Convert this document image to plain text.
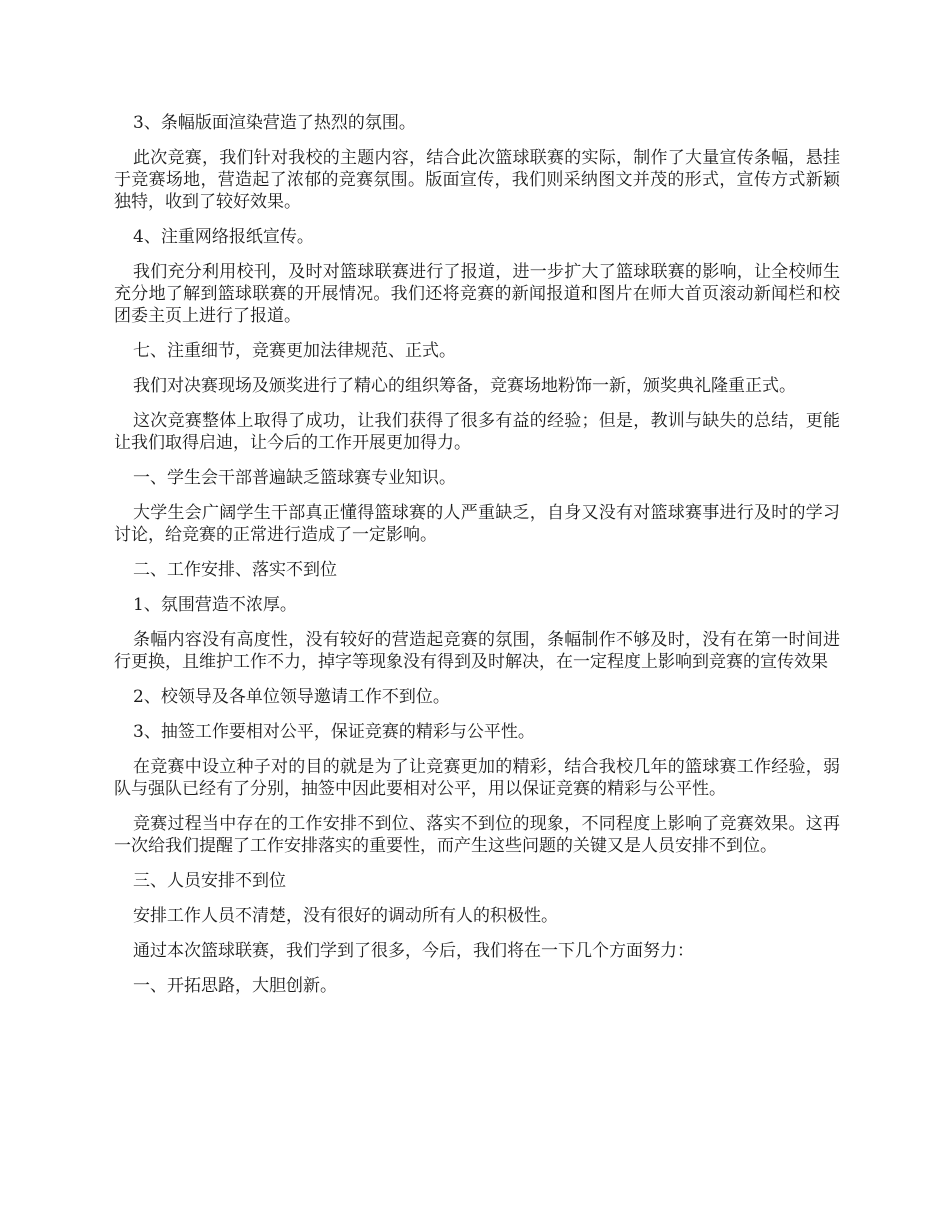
3、条幅版面渲染营造了热烈的氛围。

此次竞赛，我们针对我校的主题内容，结合此次篮球联赛的实际，制作了大量宣传条幅，悬挂于竞赛场地，营造起了浓郁的竞赛氛围。版面宣传，我们则采纳图文并茂的形式，宣传方式新颖独特，收到了较好效果。

4、注重网络报纸宣传。

我们充分利用校刊，及时对篮球联赛进行了报道，进一步扩大了篮球联赛的影响，让全校师生充分地了解到篮球联赛的开展情况。我们还将竞赛的新闻报道和图片在师大首页滚动新闻栏和校团委主页上进行了报道。

七、注重细节，竞赛更加法律规范、正式。

我们对决赛现场及颁奖进行了精心的组织筹备，竞赛场地粉饰一新，颁奖典礼隆重正式。

这次竞赛整体上取得了成功，让我们获得了很多有益的经验；但是，教训与缺失的总结，更能让我们取得启迪，让今后的工作开展更加得力。

一、学生会干部普遍缺乏篮球赛专业知识。

大学生会广阔学生干部真正懂得篮球赛的人严重缺乏，自身又没有对篮球赛事进行及时的学习讨论，给竞赛的正常进行造成了一定影响。

二、工作安排、落实不到位

1、氛围营造不浓厚。

条幅内容没有高度性，没有较好的营造起竞赛的氛围，条幅制作不够及时，没有在第一时间进行更换，且维护工作不力，掉字等现象没有得到及时解决，在一定程度上影响到竞赛的宣传效果

2、校领导及各单位领导邀请工作不到位。

3、抽签工作要相对公平，保证竞赛的精彩与公平性。

在竞赛中设立种子对的目的就是为了让竞赛更加的精彩，结合我校几年的篮球赛工作经验，弱队与强队已经有了分别，抽签中因此要相对公平，用以保证竞赛的精彩与公平性。

竞赛过程当中存在的工作安排不到位、落实不到位的现象，不同程度上影响了竞赛效果。这再一次给我们提醒了工作安排落实的重要性，而产生这些问题的关键又是人员安排不到位。

三、人员安排不到位

安排工作人员不清楚，没有很好的调动所有人的积极性。

通过本次篮球联赛，我们学到了很多，今后，我们将在一下几个方面努力：

一、开拓思路，大胆创新。
